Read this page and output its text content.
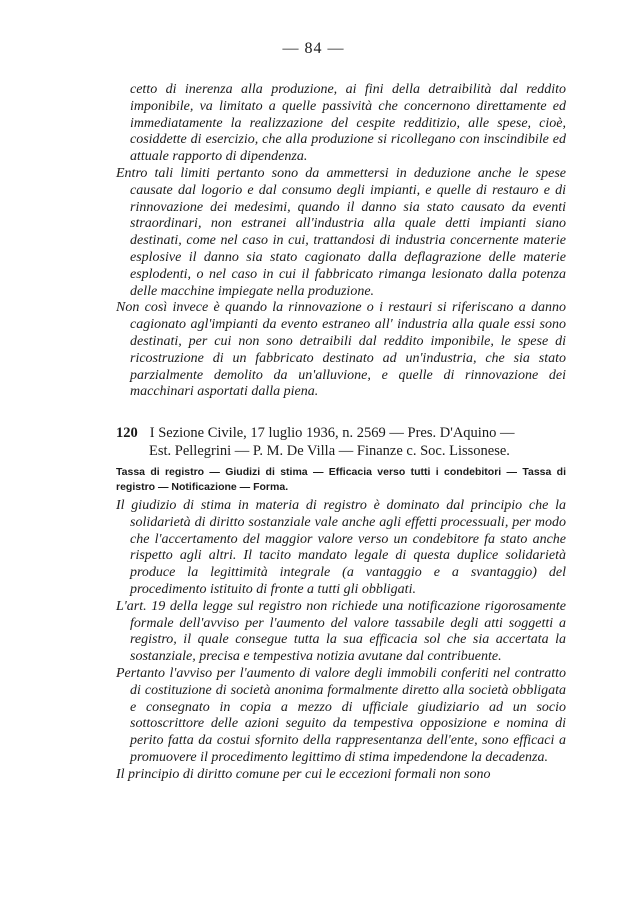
— 84 —

cetto di inerenza alla produzione, ai fini della detraibilità dal reddito imponibile, va limitato a quelle passività che concernono direttamente ed immediatamente la realizzazione del cespite redditizio, alle spese, cioè, cosiddette di esercizio, che alla produzione si ricollegano con inscindibile ed attuale rapporto di dipendenza.

Entro tali limiti pertanto sono da ammettersi in deduzione anche le spese causate dal logorio e dal consumo degli impianti, e quelle di restauro e di rinnovazione dei medesimi, quando il danno sia stato causato da eventi straordinari, non estranei all'industria alla quale detti impianti siano destinati, come nel caso in cui, trattandosi di industria concernente materie esplosive il danno sia stato cagionato dalla deflagrazione delle materie esplodenti, o nel caso in cui il fabbricato rimanga lesionato dalla potenza delle macchine impiegate nella produzione.

Non così invece è quando la rinnovazione o i restauri si riferiscano a danno cagionato agl'impianti da evento estraneo all' industria alla quale essi sono destinati, per cui non sono detraibili dal reddito imponibile, le spese di ricostruzione di un fabbricato destinato ad un'industria, che sia stato parzialmente demolito da un'alluvione, e quelle di rinnovazione dei macchinari asportati dalla piena.

120 I Sezione Civile, 17 luglio 1936, n. 2569 — Pres. D'Aquino —
Est. Pellegrini — P. M. De Villa — Finanze c. Soc. Lissonese.
Tassa di registro — Giudizi di stima — Efficacia verso tutti i condebitori — Tassa di registro — Notificazione — Forma.

Il giudizio di stima in materia di registro è dominato dal principio che la solidarietà di diritto sostanziale vale anche agli effetti processuali, per modo che l'accertamento del maggior valore verso un condebitore fa stato anche rispetto agli altri. Il tacito mandato legale di questa duplice solidarietà produce la legittimità integrale (a vantaggio e a svantaggio) del procedimento istituito di fronte a tutti gli obbligati.

L'art. 19 della legge sul registro non richiede una notificazione rigorosamente formale dell'avviso per l'aumento del valore tassabile degli atti soggetti a registro, il quale consegue tutta la sua efficacia sol che sia accertata la sostanziale, precisa e tempestiva notizia avutane dal contribuente.

Pertanto l'avviso per l'aumento di valore degli immobili conferiti nel contratto di costituzione di società anonima formalmente diretto alla società obbligata e consegnato in copia a mezzo di ufficiale giudiziario ad un socio sottoscrittore delle azioni seguito da tempestiva opposizione e nomina di perito fatta da costui sfornito della rappresentanza dell'ente, sono efficaci a promuovere il procedimento legittimo di stima impedendone la decadenza.

Il principio di diritto comune per cui le eccezioni formali non sono
